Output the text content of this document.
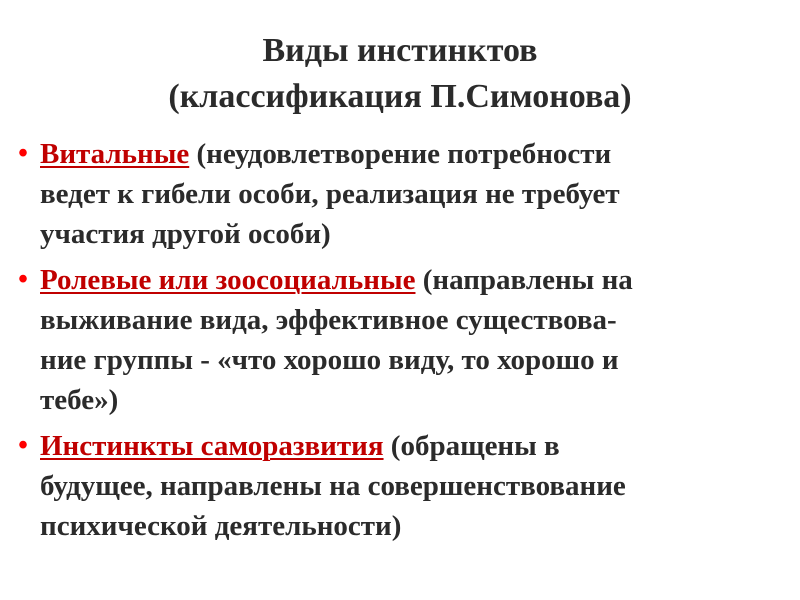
Виды инстинктов
(классификация П.Симонова)
• Витальные (неудовлетворение потребности
ведет к гибели особи, реализация не требует
участия другой особи)
• Ролевые или зоосоциальные (направлены на
выживание вида, эффективное существова-
ние группы - «что хорошо виду, то хорошо и
тебе»)
• Инстинкты саморазвития (обращены в
будущее, направлены на совершенствование
психической деятельности)
